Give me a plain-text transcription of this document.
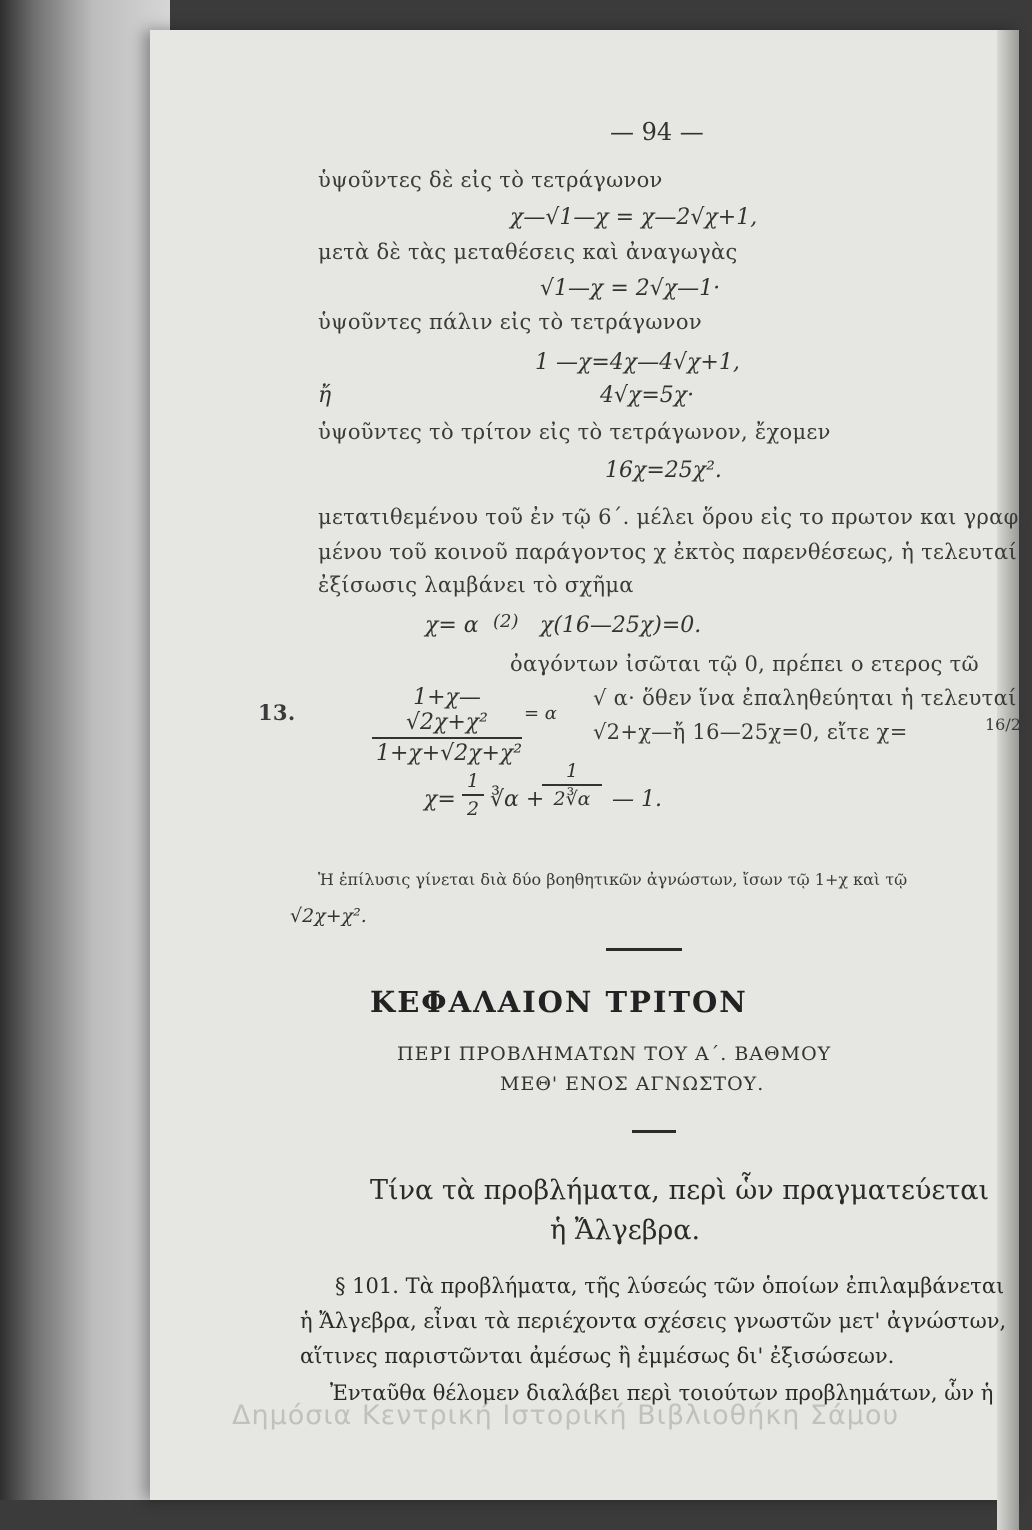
— 94 —
ὑψοῦντες δὲ εἰς τὸ τετράγωνον
χ—√1—χ = χ—2√χ+1,
μετὰ δὲ τὰς μεταθέσεις καὶ ἀναγωγὰς
√1—χ = 2√χ—1·
ὑψοῦντες πάλιν εἰς τὸ τετράγωνον
1 —χ=4χ—4√χ+1,
ἤ	4√χ=5χ·
ὑψοῦντες τὸ τρίτον εἰς τὸ τετράγωνον, ἔχομεν
16χ=25χ².
μετατιθεμένου τοῦ ἐν τῷ 6΄. μέλει ὅρου εἰς το πρωτον και γραφο
μένου τοῦ κοινοῦ παράγοντος χ ἐκτὸς παρενθέσεως, ἡ τελευταί
ἐξίσωσις λαμβάνει τὸ σχῆμα
χ= α (2) χ(16—25χ)=0.
ὀαγόντων ἰσῶται τῷ 0, πρέπει ο ετερος τῶ
13.
1+χ—√2χ+χ²
1+χ+√2χ+χ²
= α
√ α· ὅθεν ἵνα ἐπαληθεύηται ἡ τελευταί
√2+χ—ἤ 16—25χ=0, εἴτε χ=	16/25
χ=
1
2 ∛α +
1
2∛α — 1.
Ἡ ἐπίλυσις γίνεται διὰ δύο βοηθητικῶν ἀγνώστων, ἴσων τῷ 1+χ καὶ τῷ
√2χ+χ².
ΚΕΦΑΛΑΙΟΝ ΤΡΙΤΟΝ
ΠΕΡΙ ΠΡΟΒΛΗΜΑΤΩΝ ΤΟΥ Α΄. ΒΑΘΜΟΥ
ΜΕΘ' ΕΝΟΣ ΑΓΝΩΣΤΟΥ.
Τίνα τὰ προβλήματα, περὶ ὧν πραγματεύεται
ἡ Ἄλγεβρα.
§ 101. Τὰ προβλήματα, τῆς λύσεώς τῶν ὁποίων ἐπιλαμβάνεται
ἡ Ἄλγεβρα, εἶναι τὰ περιέχοντα σχέσεις γνωστῶν μετ' ἀγνώστων,
αἵτινες παριστῶνται ἀμέσως ἢ ἐμμέσως δι' ἐξισώσεων.
Ἐνταῦθα θέλομεν διαλάβει περὶ τοιούτων προβλημάτων, ὧν ἡ
Δημόσια Κεντρική Ιστορική Βιβλιοθήκη Σάμου
